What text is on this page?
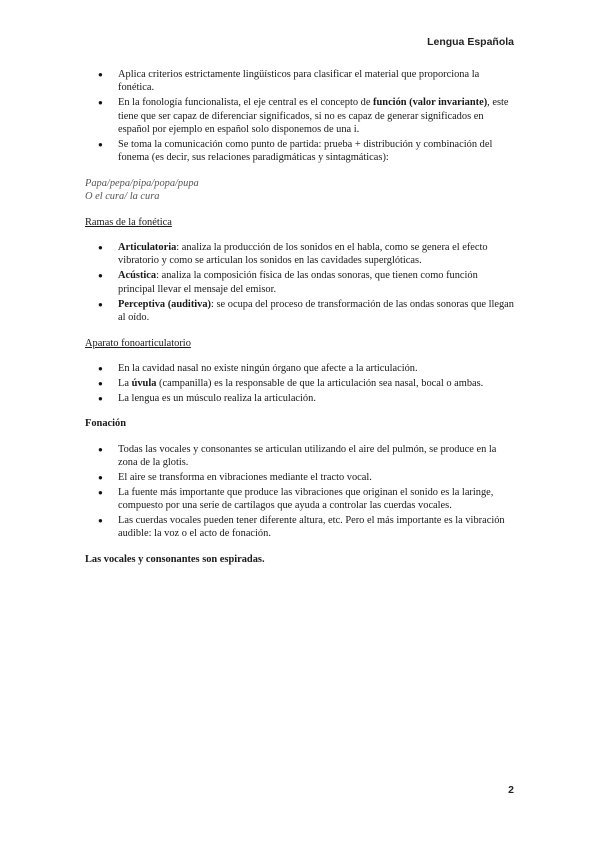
Lengua Española
● Aplica criterios estrictamente lingüísticos para clasificar el material que proporciona la fonética.
● En la fonología funcionalista, el eje central es el concepto de función (valor invariante), este tiene que ser capaz de diferenciar significados, si no es capaz de generar significados en español por ejemplo en español solo disponemos de una i.
● Se toma la comunicación como punto de partida: prueba + distribución y combinación del fonema (es decir, sus relaciones paradigmáticas y sintagmáticas):
Papa/pepa/pipa/popa/pupa
O el cura/ la cura
Ramas de la fonética
● Articulatoria: analiza la producción de los sonidos en el habla, como se genera el efecto vibratorio y como se articulan los sonidos en las cavidades superglóticas.
● Acústica: analiza la composición física de las ondas sonoras, que tienen como función principal llevar el mensaje del emisor.
● Perceptiva (auditiva): se ocupa del proceso de transformación de las ondas sonoras que llegan al oído.
Aparato fonoarticulatorio
● En la cavidad nasal no existe ningún órgano que afecte a la articulación.
● La úvula (campanilla) es la responsable de que la articulación sea nasal, bocal o ambas.
● La lengua es un músculo realiza la articulación.
Fonación
● Todas las vocales y consonantes se articulan utilizando el aire del pulmón, se produce en la zona de la glotis.
● El aire se transforma en vibraciones mediante el tracto vocal.
● La fuente más importante que produce las vibraciones que originan el sonido es la laringe, compuesto por una serie de cartílagos que ayuda a controlar las cuerdas vocales.
● Las cuerdas vocales pueden tener diferente altura, etc. Pero el más importante es la vibración audible: la voz o el acto de fonación.
Las vocales y consonantes son espiradas.
2
